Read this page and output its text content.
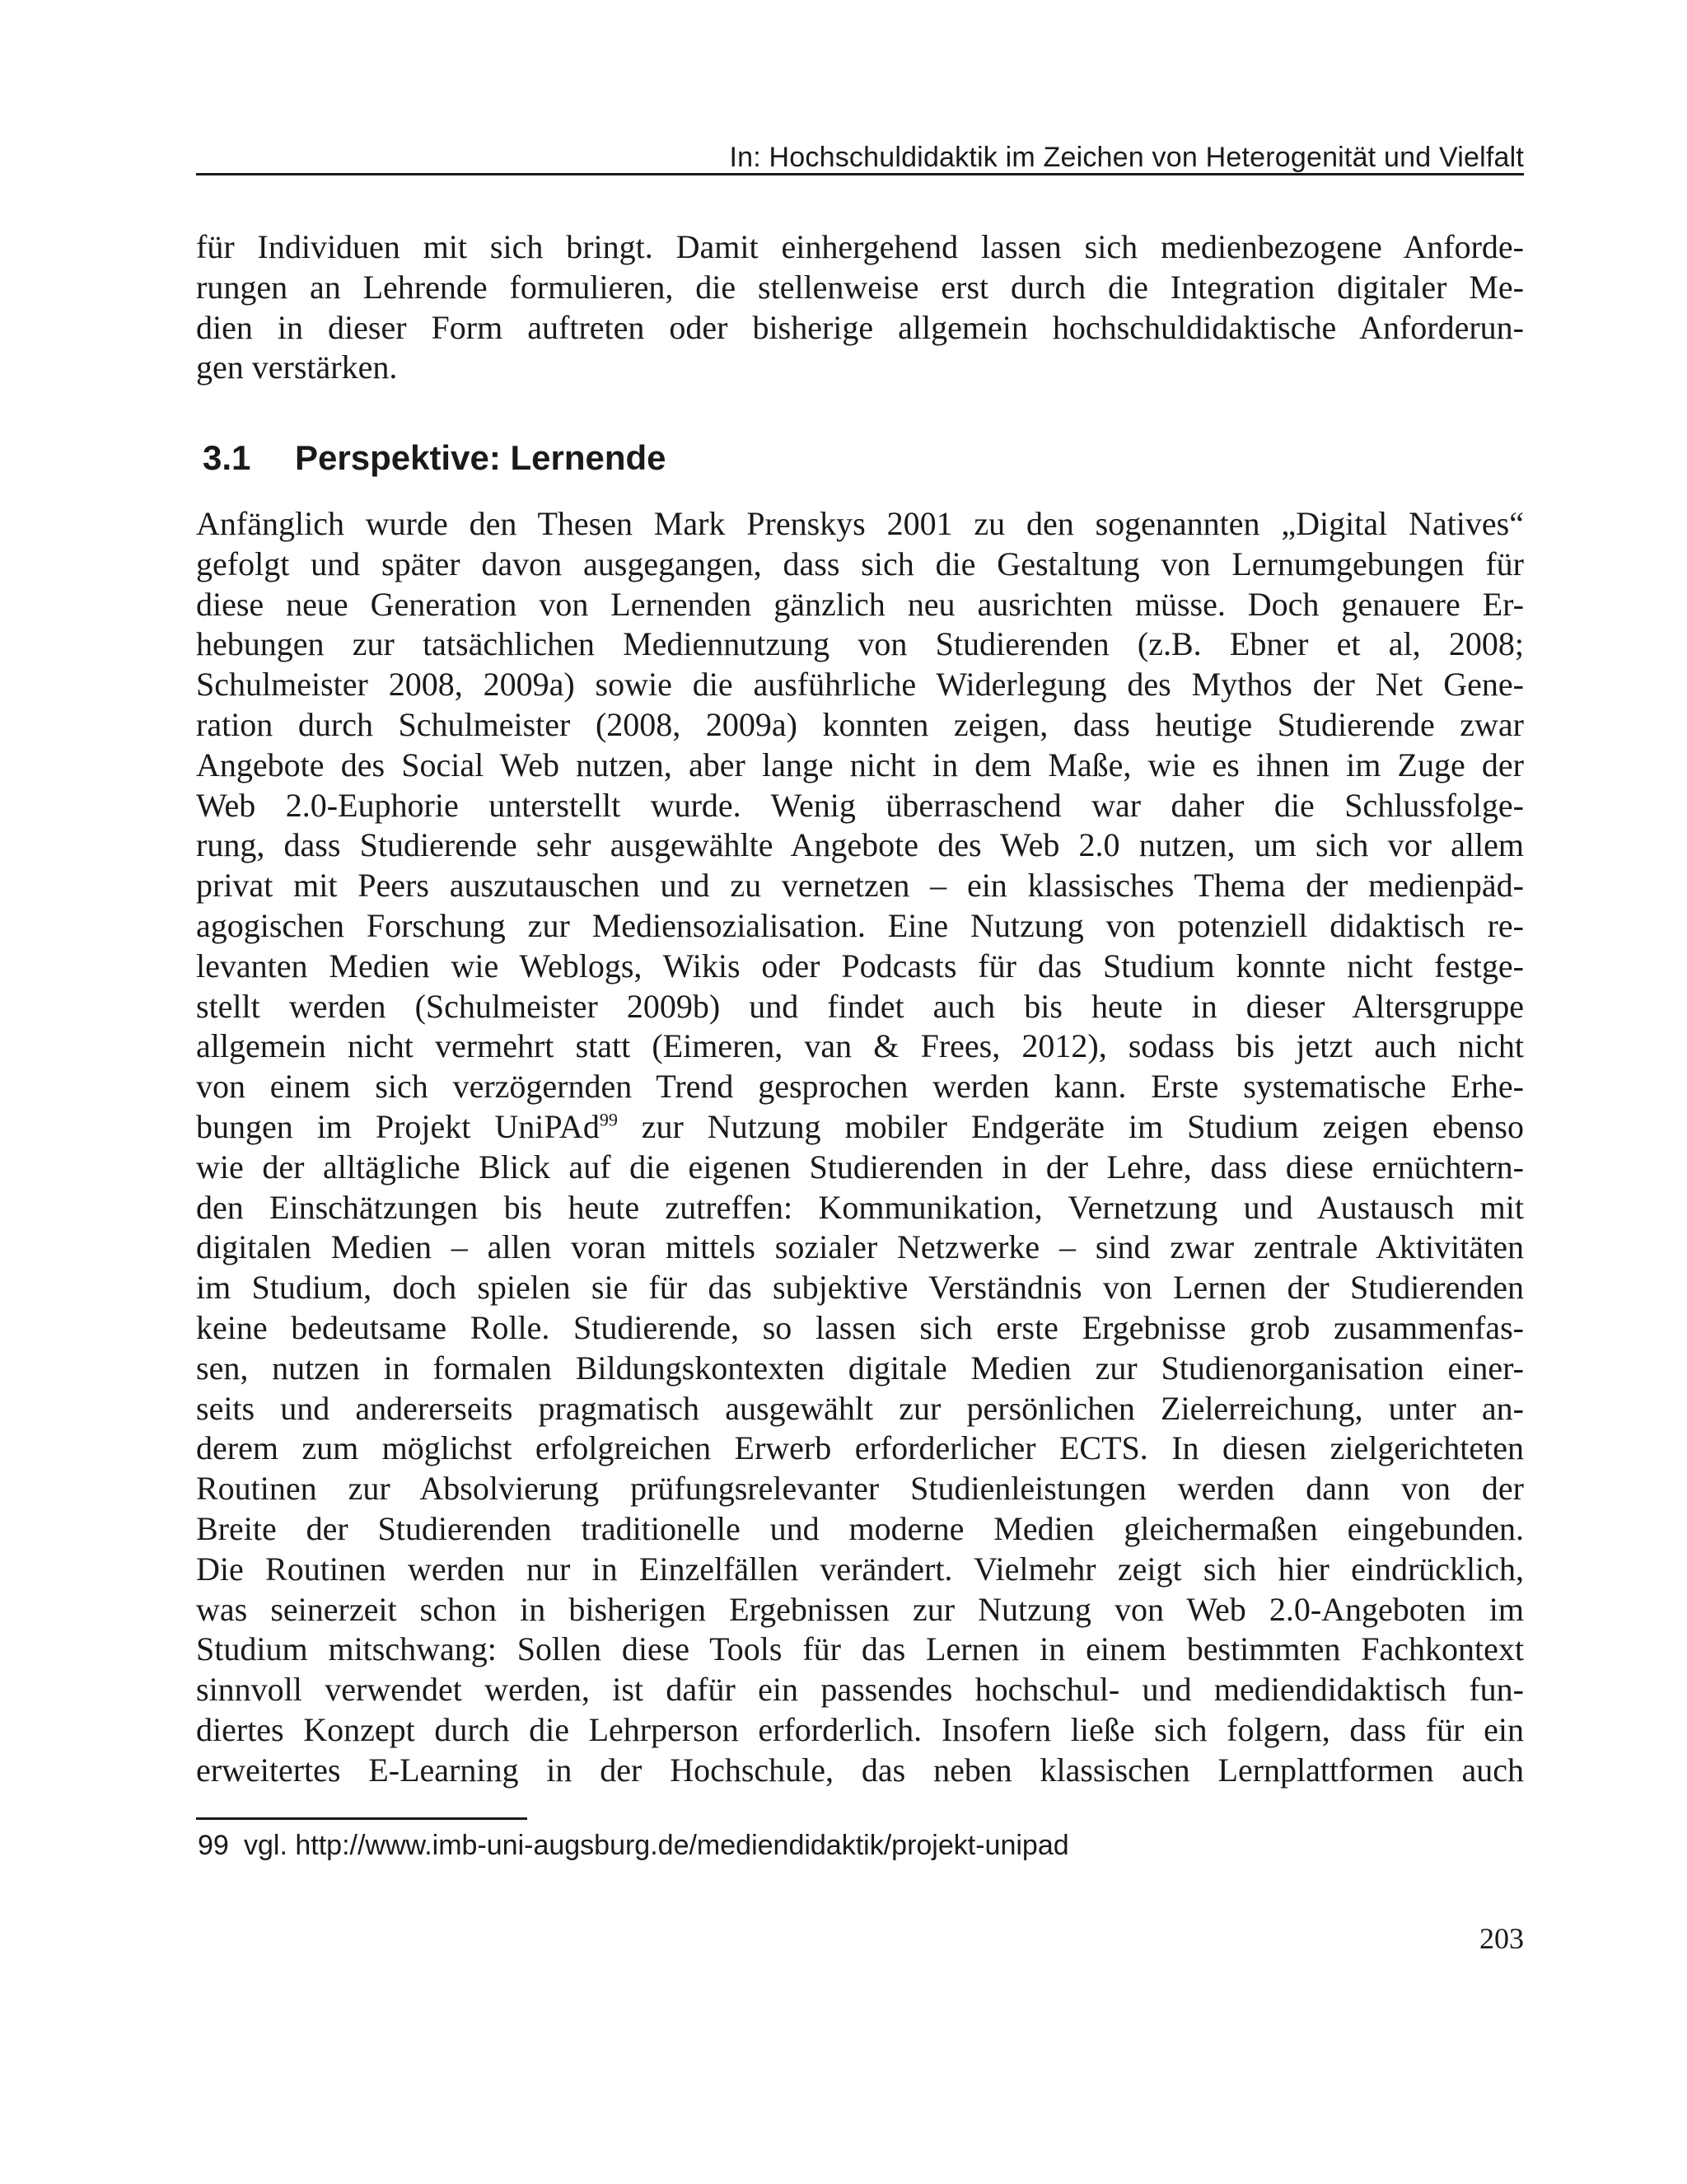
In: Hochschuldidaktik im Zeichen von Heterogenität und Vielfalt

für Individuen mit sich bringt. Damit einhergehend lassen sich medienbezogene Anforde-
rungen an Lehrende formulieren, die stellenweise erst durch die Integration digitaler Me-
dien in dieser Form auftreten oder bisherige allgemein hochschuldidaktische Anforderun-
gen verstärken.

3.1 Perspektive: Lernende

Anfänglich wurde den Thesen Mark Prenskys 2001 zu den sogenannten „Digital Natives“
gefolgt und später davon ausgegangen, dass sich die Gestaltung von Lernumgebungen für
diese neue Generation von Lernenden gänzlich neu ausrichten müsse. Doch genauere Er-
hebungen zur tatsächlichen Mediennutzung von Studierenden (z.B. Ebner et al, 2008;
Schulmeister 2008, 2009a) sowie die ausführliche Widerlegung des Mythos der Net Gene-
ration durch Schulmeister (2008, 2009a) konnten zeigen, dass heutige Studierende zwar
Angebote des Social Web nutzen, aber lange nicht in dem Maße, wie es ihnen im Zuge der
Web 2.0-Euphorie unterstellt wurde. Wenig überraschend war daher die Schlussfolge-
rung, dass Studierende sehr ausgewählte Angebote des Web 2.0 nutzen, um sich vor allem
privat mit Peers auszutauschen und zu vernetzen – ein klassisches Thema der medienpäd-
agogischen Forschung zur Mediensozialisation. Eine Nutzung von potenziell didaktisch re-
levanten Medien wie Weblogs, Wikis oder Podcasts für das Studium konnte nicht festge-
stellt werden (Schulmeister 2009b) und findet auch bis heute in dieser Altersgruppe
allgemein nicht vermehrt statt (Eimeren, van & Frees, 2012), sodass bis jetzt auch nicht
von einem sich verzögernden Trend gesprochen werden kann. Erste systematische Erhe-
bungen im Projekt UniPAd$^{99}$ zur Nutzung mobiler Endgeräte im Studium zeigen ebenso
wie der alltägliche Blick auf die eigenen Studierenden in der Lehre, dass diese ernüchtern-
den Einschätzungen bis heute zutreffen: Kommunikation, Vernetzung und Austausch mit
digitalen Medien – allen voran mittels sozialer Netzwerke – sind zwar zentrale Aktivitäten
im Studium, doch spielen sie für das subjektive Verständnis von Lernen der Studierenden
keine bedeutsame Rolle. Studierende, so lassen sich erste Ergebnisse grob zusammenfas-
sen, nutzen in formalen Bildungskontexten digitale Medien zur Studienorganisation einer-
seits und andererseits pragmatisch ausgewählt zur persönlichen Zielerreichung, unter an-
derem zum möglichst erfolgreichen Erwerb erforderlicher ECTS. In diesen zielgerichteten
Routinen zur Absolvierung prüfungsrelevanter Studienleistungen werden dann von der
Breite der Studierenden traditionelle und moderne Medien gleichermaßen eingebunden.
Die Routinen werden nur in Einzelfällen verändert. Vielmehr zeigt sich hier eindrücklich,
was seinerzeit schon in bisherigen Ergebnissen zur Nutzung von Web 2.0-Angeboten im
Studium mitschwang: Sollen diese Tools für das Lernen in einem bestimmten Fachkontext
sinnvoll verwendet werden, ist dafür ein passendes hochschul- und mediendidaktisch fun-
diertes Konzept durch die Lehrperson erforderlich. Insofern ließe sich folgern, dass für ein
erweitertes E-Learning in der Hochschule, das neben klassischen Lernplattformen auch

99 vgl. http://www.imb-uni-augsburg.de/mediendidaktik/projekt-unipad

203
